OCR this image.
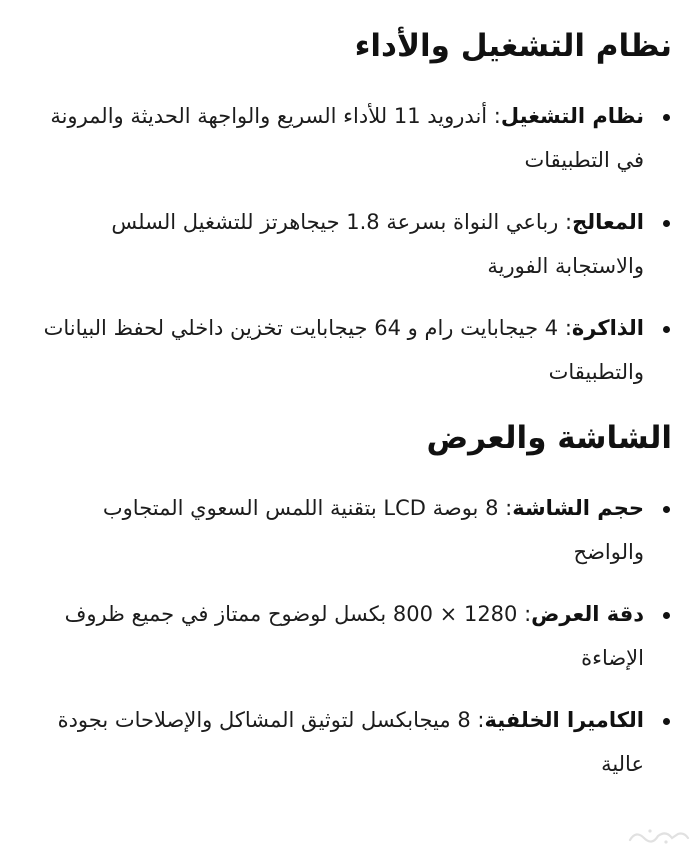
نظام التشغيل والأداء
نظام التشغيل: أندرويد 11 للأداء السريع والواجهة الحديثة والمرونة في التطبيقات
المعالج: رباعي النواة بسرعة 1.8 جيجاهرتز للتشغيل السلس والاستجابة الفورية
الذاكرة: 4 جيجابايت رام و 64 جيجابايت تخزين داخلي لحفظ البيانات والتطبيقات
الشاشة والعرض
حجم الشاشة: 8 بوصة LCD بتقنية اللمس السعوي المتجاوب والواضح
دقة العرض: 1280 × 800 بكسل لوضوح ممتاز في جميع ظروف الإضاءة
الكاميرا الخلفية: 8 ميجابكسل لتوثيق المشاكل والإصلاحات بجودة عالية
